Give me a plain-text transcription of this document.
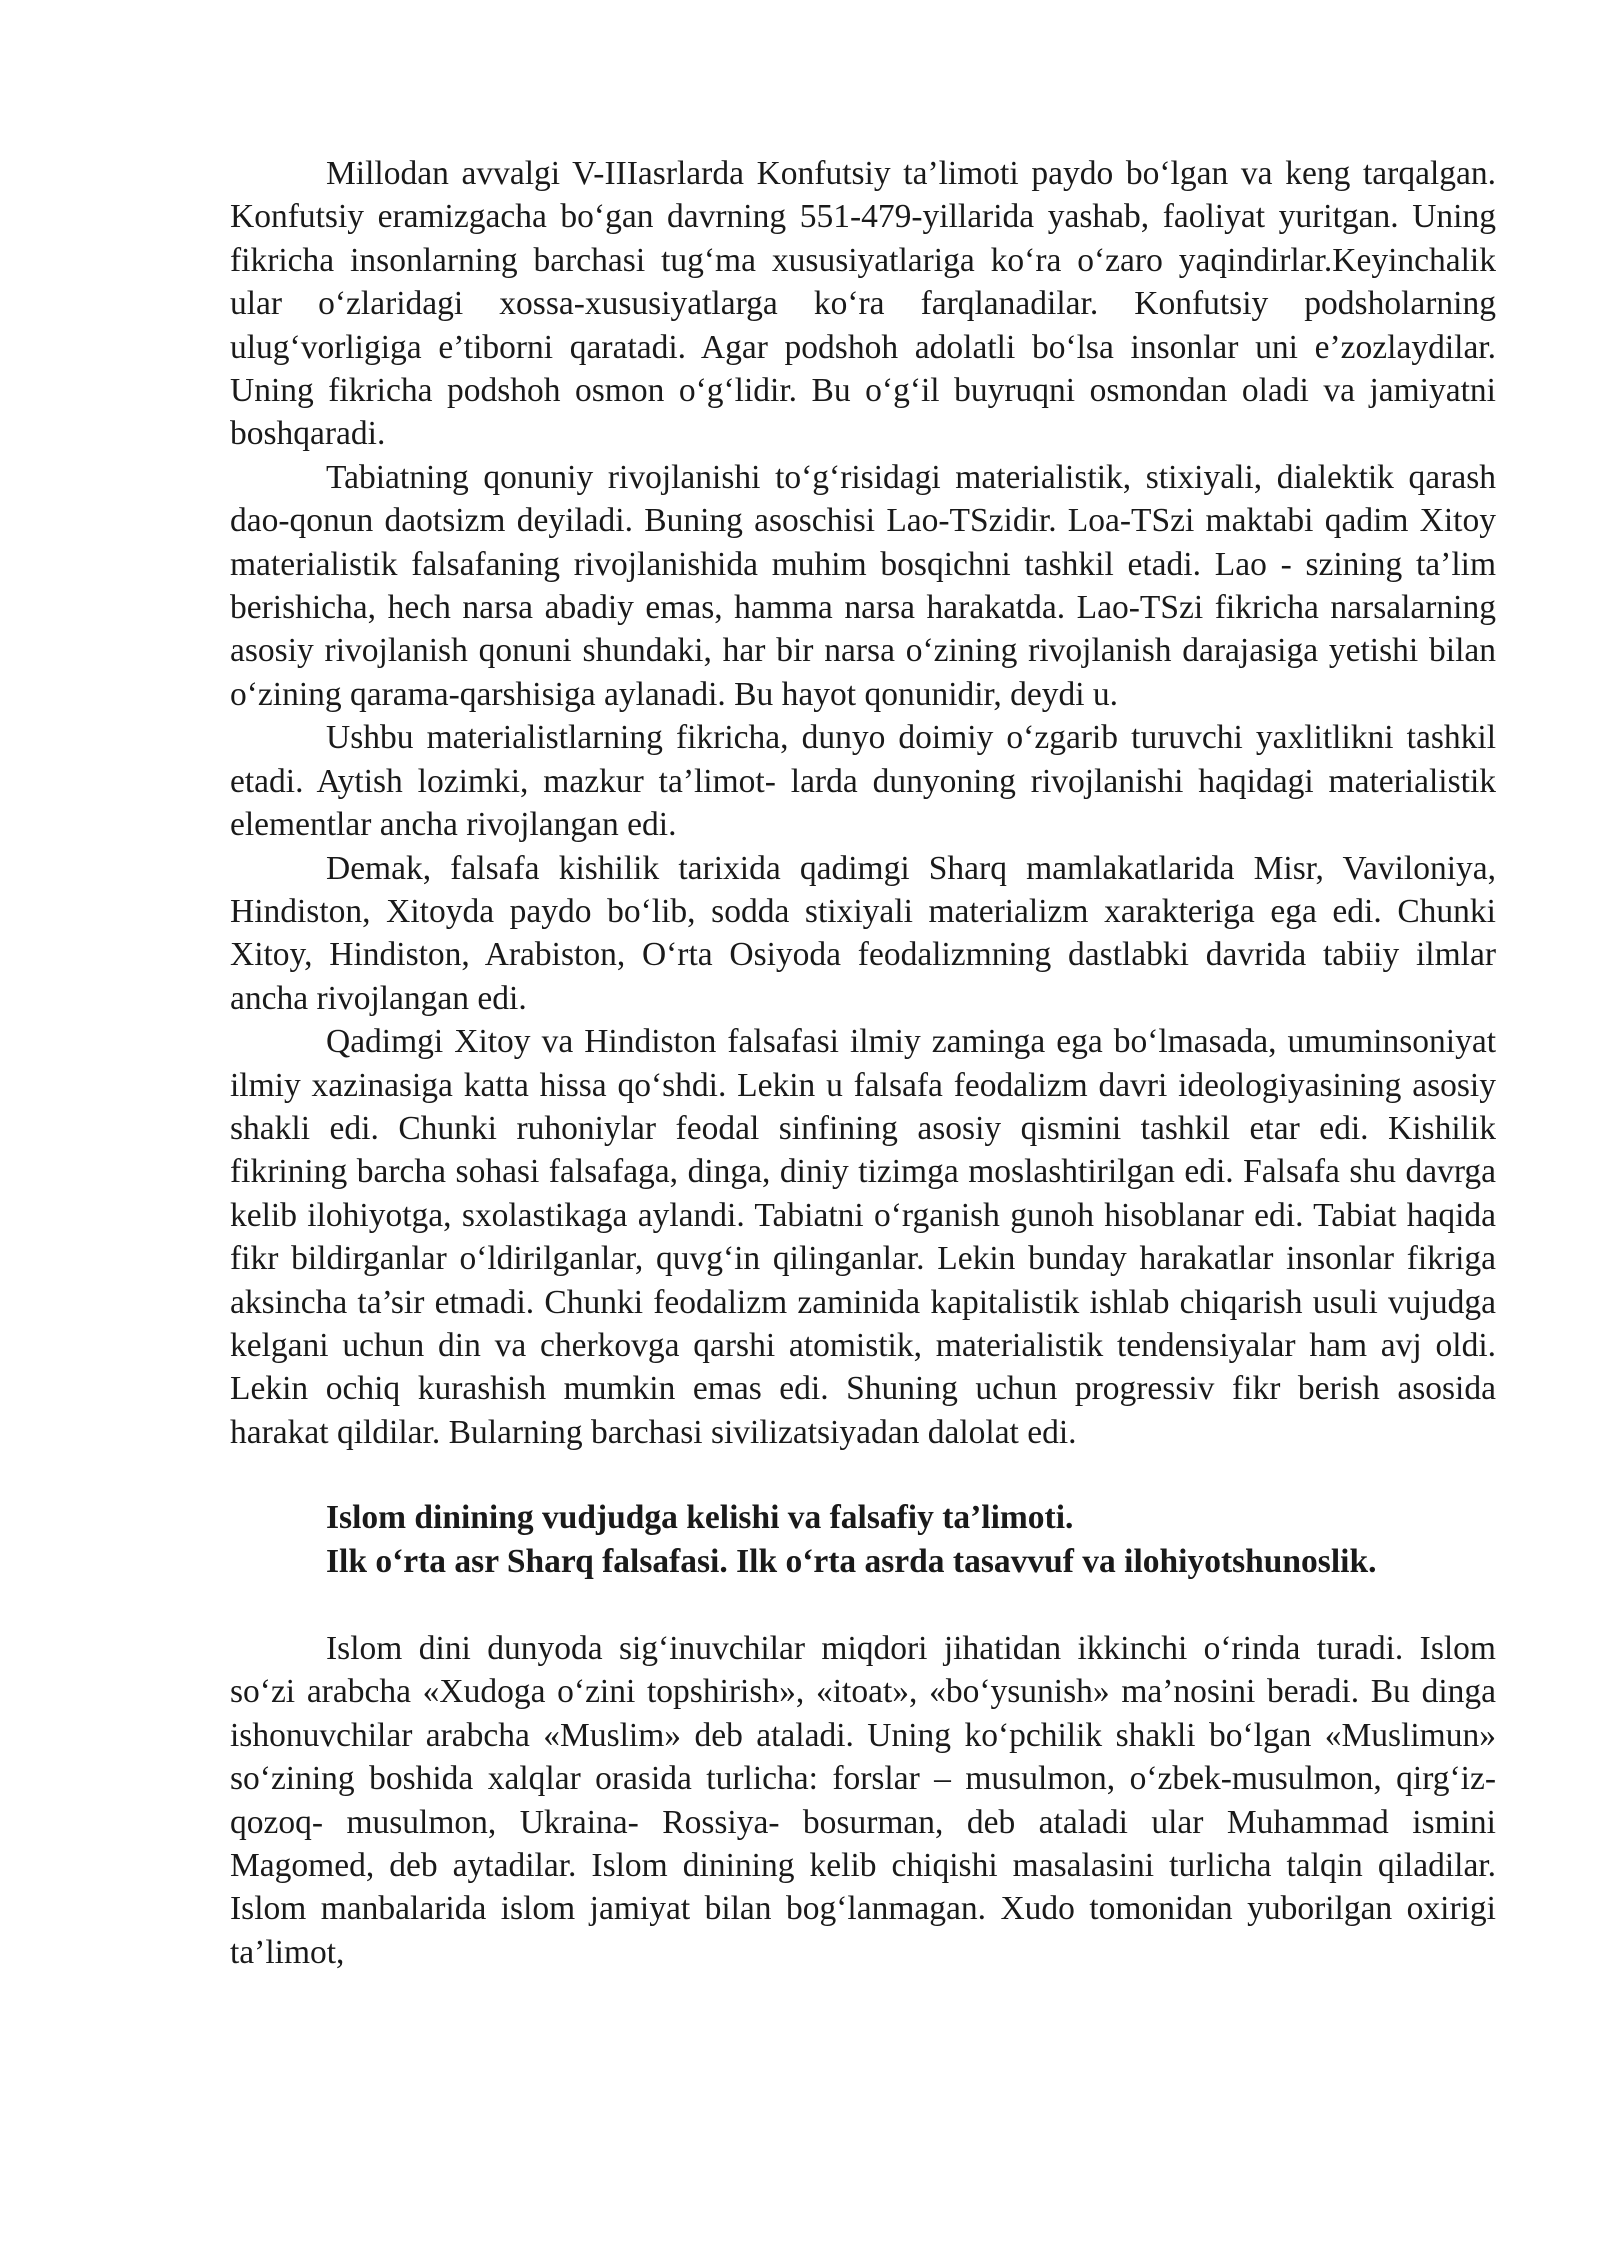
Millodan avvalgi V-IIIasrlarda Konfutsiy ta’limoti paydo bo‘lgan va keng tarqalgan. Konfutsiy eramizgacha bo‘gan davrning 551-479-yillarida yashab, faoliyat yuritgan. Uning fikricha insonlarning barchasi tug‘ma xususiyatlariga ko‘ra o‘zaro yaqindirlar.Keyinchalik ular o‘zlaridagi xossa-xususiyatlarga ko‘ra farqlanadilar. Konfutsiy podsholarning ulug‘vorligiga e’tiborni qaratadi. Agar podshoh adolatli bo‘lsa insonlar uni e’zozlaydilar. Uning fikricha podshoh osmon o‘g‘lidir. Bu o‘g‘il buyruqni osmondan oladi va jamiyatni boshqaradi.

Tabiatning qonuniy rivojlanishi to‘g‘risidagi materialistik, stixiyali, dialektik qarash dao-qonun daotsizm deyiladi. Buning asoschisi Lao-TSzidir. Loa-TSzi maktabi qadim Xitoy materialistik falsafaning rivojlanishida muhim bosqichni tashkil etadi. Lao - szining ta’lim berishicha, hech narsa abadiy emas, hamma narsa harakatda. Lao-TSzi fikricha narsalarning asosiy rivojlanish qonuni shundaki, har bir narsa o‘zining rivojlanish darajasiga yetishi bilan o‘zining qarama-qarshisiga aylanadi. Bu hayot qonunidir, deydi u.

Ushbu materialistlarning fikricha, dunyo doimiy o‘zgarib turuvchi yaxlitlikni tashkil etadi. Aytish lozimki, mazkur ta’limot- larda dunyoning rivojlanishi haqidagi materialistik elementlar ancha rivojlangan edi.

Demak, falsafa kishilik tarixida qadimgi Sharq mamlakatlarida Misr, Vaviloniya, Hindiston, Xitoyda paydo bo‘lib, sodda stixiyali materializm xarakteriga ega edi. Chunki Xitoy, Hindiston, Arabiston, O‘rta Osiyoda feodalizmning dastlabki davrida tabiiy ilmlar ancha rivojlangan edi.

Qadimgi Xitoy va Hindiston falsafasi ilmiy zaminga ega bo‘lmasada, umuminsoniyat ilmiy xazinasiga katta hissa qo‘shdi. Lekin u falsafa feodalizm davri ideologiyasining asosiy shakli edi. Chunki ruhoniylar feodal sinfining asosiy qismini tashkil etar edi. Kishilik fikrining barcha sohasi falsafaga, dinga, diniy tizimga moslashtirilgan edi. Falsafa shu davrga kelib ilohiyotga, sxolastikaga aylandi. Tabiatni o‘rganish gunoh hisoblanar edi. Tabiat haqida fikr bildirganlar o‘ldirilganlar, quvg‘in qilinganlar. Lekin bunday harakatlar insonlar fikriga aksincha ta’sir etmadi. Chunki feodalizm zaminida kapitalistik ishlab chiqarish usuli vujudga kelgani uchun din va cherkovga qarshi atomistik, materialistik tendensiyalar ham avj oldi. Lekin ochiq kurashish mumkin emas edi. Shuning uchun progressiv fikr berish asosida harakat qildilar. Bularning barchasi sivilizatsiyadan dalolat edi.

Islom dinining vudjudga kelishi va falsafiy ta’limoti.

Ilk o‘rta asr Sharq falsafasi. Ilk o‘rta asrda tasavvuf va ilohiyotshunoslik.

Islom dini dunyoda sig‘inuvchilar miqdori jihatidan ikkinchi o‘rinda turadi. Islom so‘zi arabcha «Xudoga o‘zini topshirish», «itoat», «bo‘ysunish» ma’nosini beradi. Bu dinga ishonuvchilar arabcha «Muslim» deb ataladi. Uning ko‘pchilik shakli bo‘lgan «Muslimun» so‘zining boshida xalqlar orasida turlicha: forslar – musulmon, o‘zbek-musulmon, qirg‘iz-qozoq- musulmon, Ukraina- Rossiya- bosurman, deb ataladi ular Muhammad ismini Magomed, deb aytadilar. Islom dinining kelib chiqishi masalasini turlicha talqin qiladilar. Islom manbalarida islom jamiyat bilan bog‘lanmagan. Xudo tomonidan yuborilgan oxirigi ta’limot,
